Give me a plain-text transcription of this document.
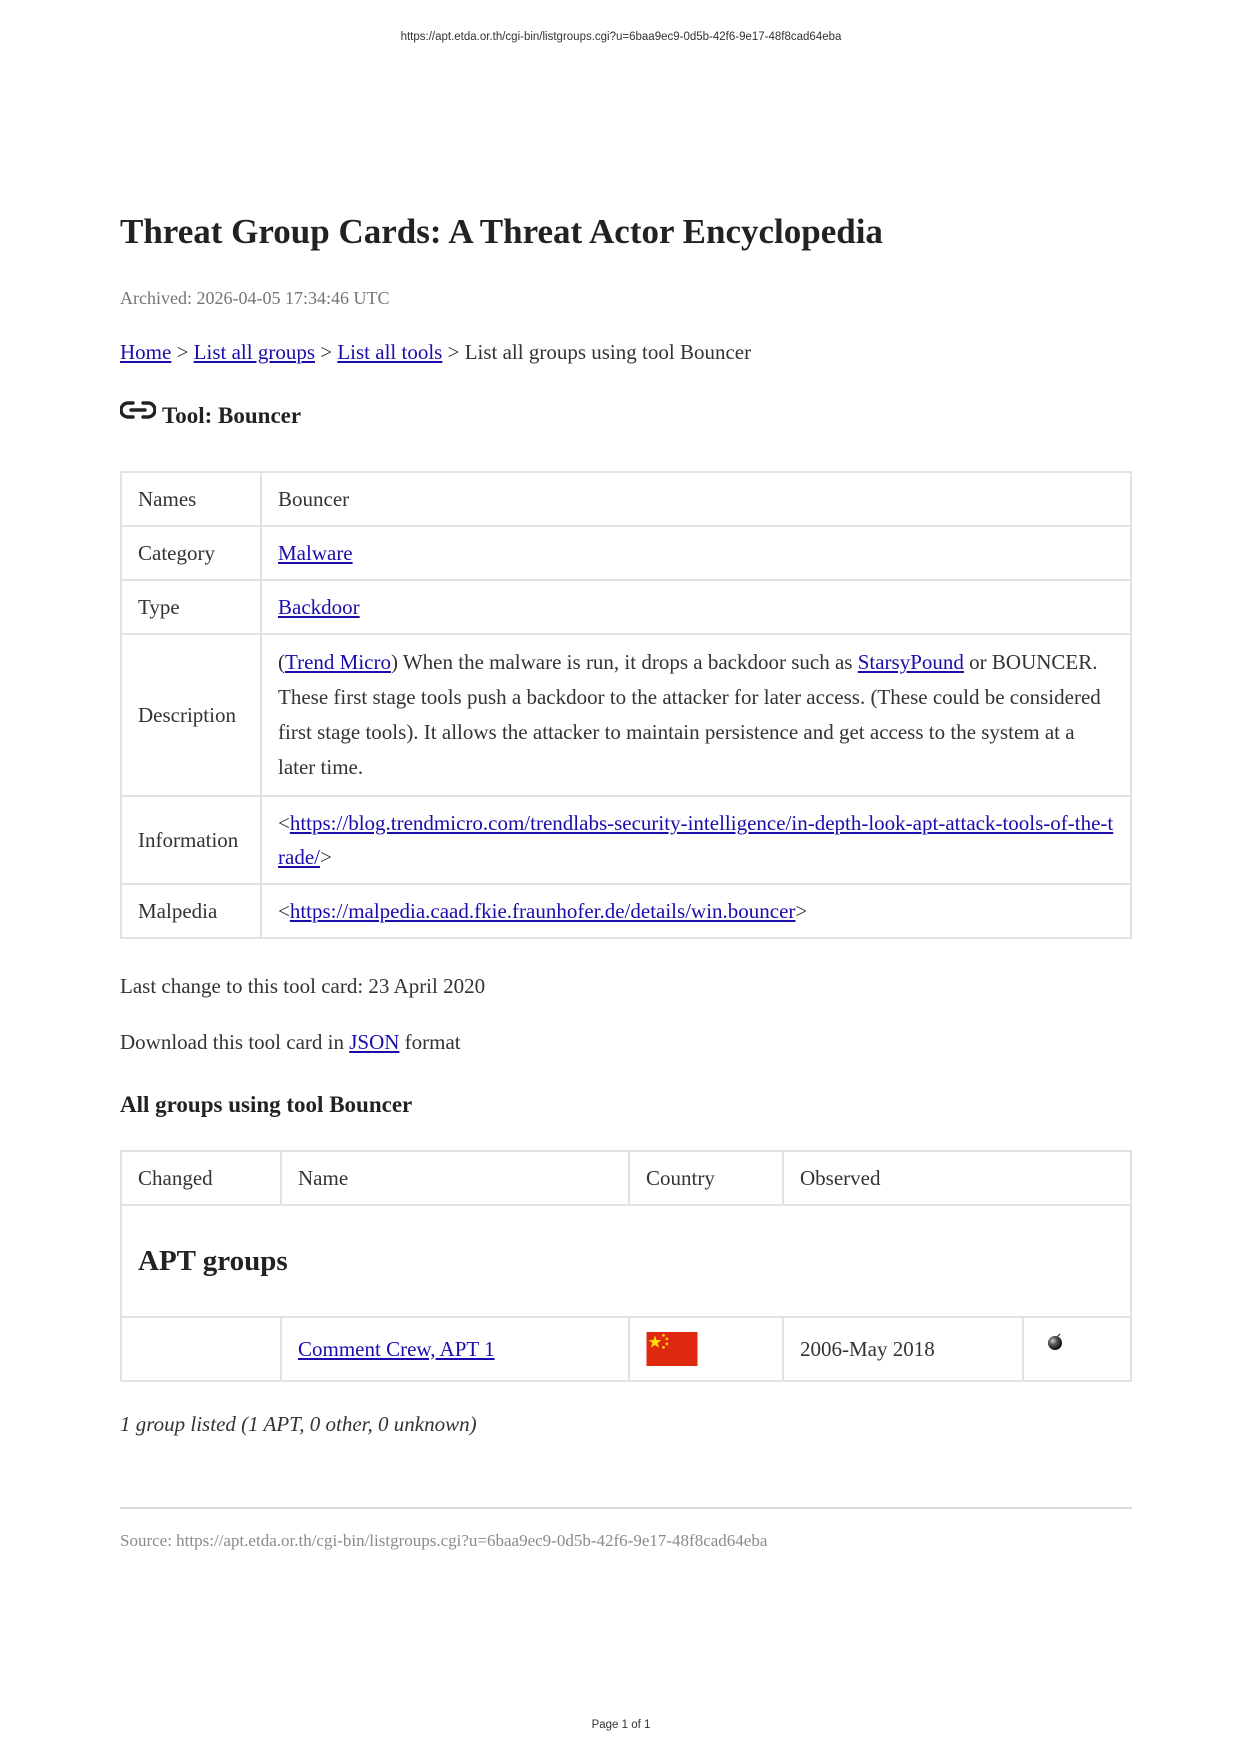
https://apt.etda.or.th/cgi-bin/listgroups.cgi?u=6baa9ec9-0d5b-42f6-9e17-48f8cad64eba
Threat Group Cards: A Threat Actor Encyclopedia
Archived: 2026-04-05 17:34:46 UTC
Home > List all groups > List all tools > List all groups using tool Bouncer
Tool: Bouncer
Names	Bouncer
Category	Malware
Type	Backdoor
Description	(Trend Micro) When the malware is run, it drops a backdoor such as StarsyPound or BOUNCER. These first stage tools push a backdoor to the attacker for later access. (These could be considered first stage tools). It allows the attacker to maintain persistence and get access to the system at a later time.
Information	<https://blog.trendmicro.com/trendlabs-security-intelligence/in-depth-look-apt-attack-tools-of-the-trade/>
Malpedia	<https://malpedia.caad.fkie.fraunhofer.de/details/win.bouncer>
Last change to this tool card: 23 April 2020
Download this tool card in JSON format
All groups using tool Bouncer
Changed	Name	Country	Observed	
APT groups				
	Comment Crew, APT 1		2006-May 2018	
1 group listed (1 APT, 0 other, 0 unknown)
Source: https://apt.etda.or.th/cgi-bin/listgroups.cgi?u=6baa9ec9-0d5b-42f6-9e17-48f8cad64eba
Page 1 of 1
